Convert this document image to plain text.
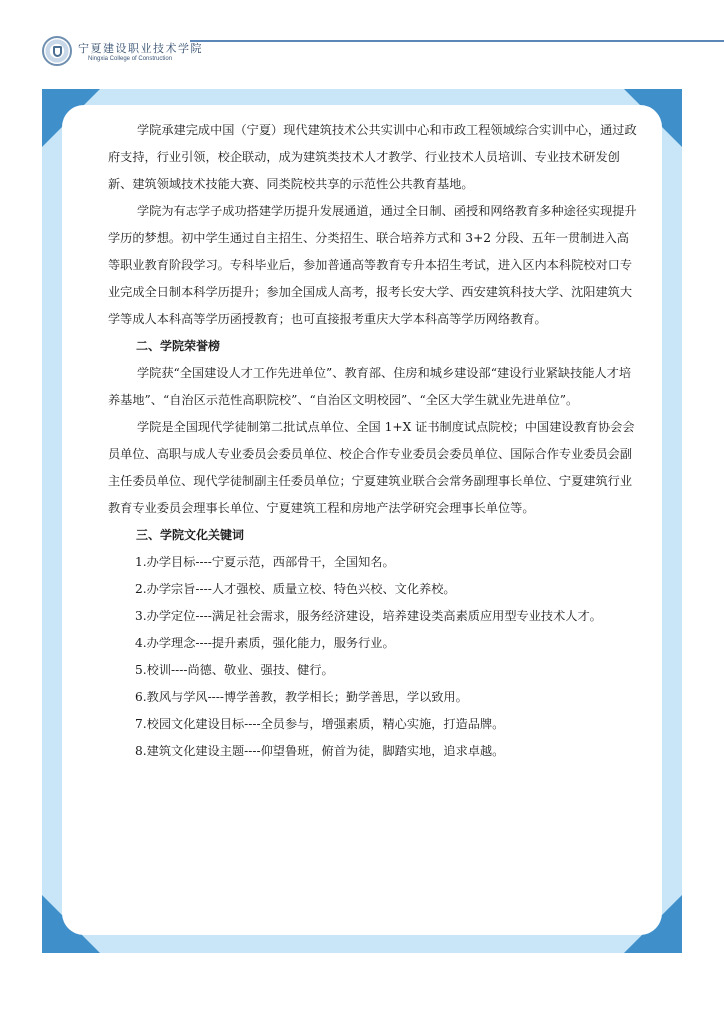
宁夏建设职业技术学院
Ningxia College of Construction

学院承建完成中国（宁夏）现代建筑技术公共实训中心和市政工程领域综合实训中心，通过政府支持，行业引领，校企联动，成为建筑类技术人才教学、行业技术人员培训、专业技术研发创新、建筑领域技术技能大赛、同类院校共享的示范性公共教育基地。

学院为有志学子成功搭建学历提升发展通道，通过全日制、函授和网络教育多种途径实现提升学历的梦想。初中学生通过自主招生、分类招生、联合培养方式和 3+2 分段、五年一贯制进入高等职业教育阶段学习。专科毕业后，参加普通高等教育专升本招生考试，进入区内本科院校对口专业完成全日制本科学历提升；参加全国成人高考，报考长安大学、西安建筑科技大学、沈阳建筑大学等成人本科高等学历函授教育；也可直接报考重庆大学本科高等学历网络教育。

二、学院荣誉榜

学院获“全国建设人才工作先进单位”、教育部、住房和城乡建设部“建设行业紧缺技能人才培养基地”、“自治区示范性高职院校”、“自治区文明校园”、“全区大学生就业先进单位”。

学院是全国现代学徒制第二批试点单位、全国 1+X 证书制度试点院校；中国建设教育协会会员单位、高职与成人专业委员会委员单位、校企合作专业委员会委员单位、国际合作专业委员会副主任委员单位、现代学徒制副主任委员单位；宁夏建筑业联合会常务副理事长单位、宁夏建筑行业教育专业委员会理事长单位、宁夏建筑工程和房地产法学研究会理事长单位等。

三、学院文化关键词

1.办学目标----宁夏示范，西部骨干，全国知名。

2.办学宗旨----人才强校、质量立校、特色兴校、文化养校。

3.办学定位----满足社会需求，服务经济建设，培养建设类高素质应用型专业技术人才。

4.办学理念----提升素质，强化能力，服务行业。

5.校训----尚德、敬业、强技、健行。

6.教风与学风----博学善教，教学相长；勤学善思，学以致用。

7.校园文化建设目标----全员参与，增强素质，精心实施，打造品牌。

8.建筑文化建设主题----仰望鲁班，俯首为徒，脚踏实地，追求卓越。
